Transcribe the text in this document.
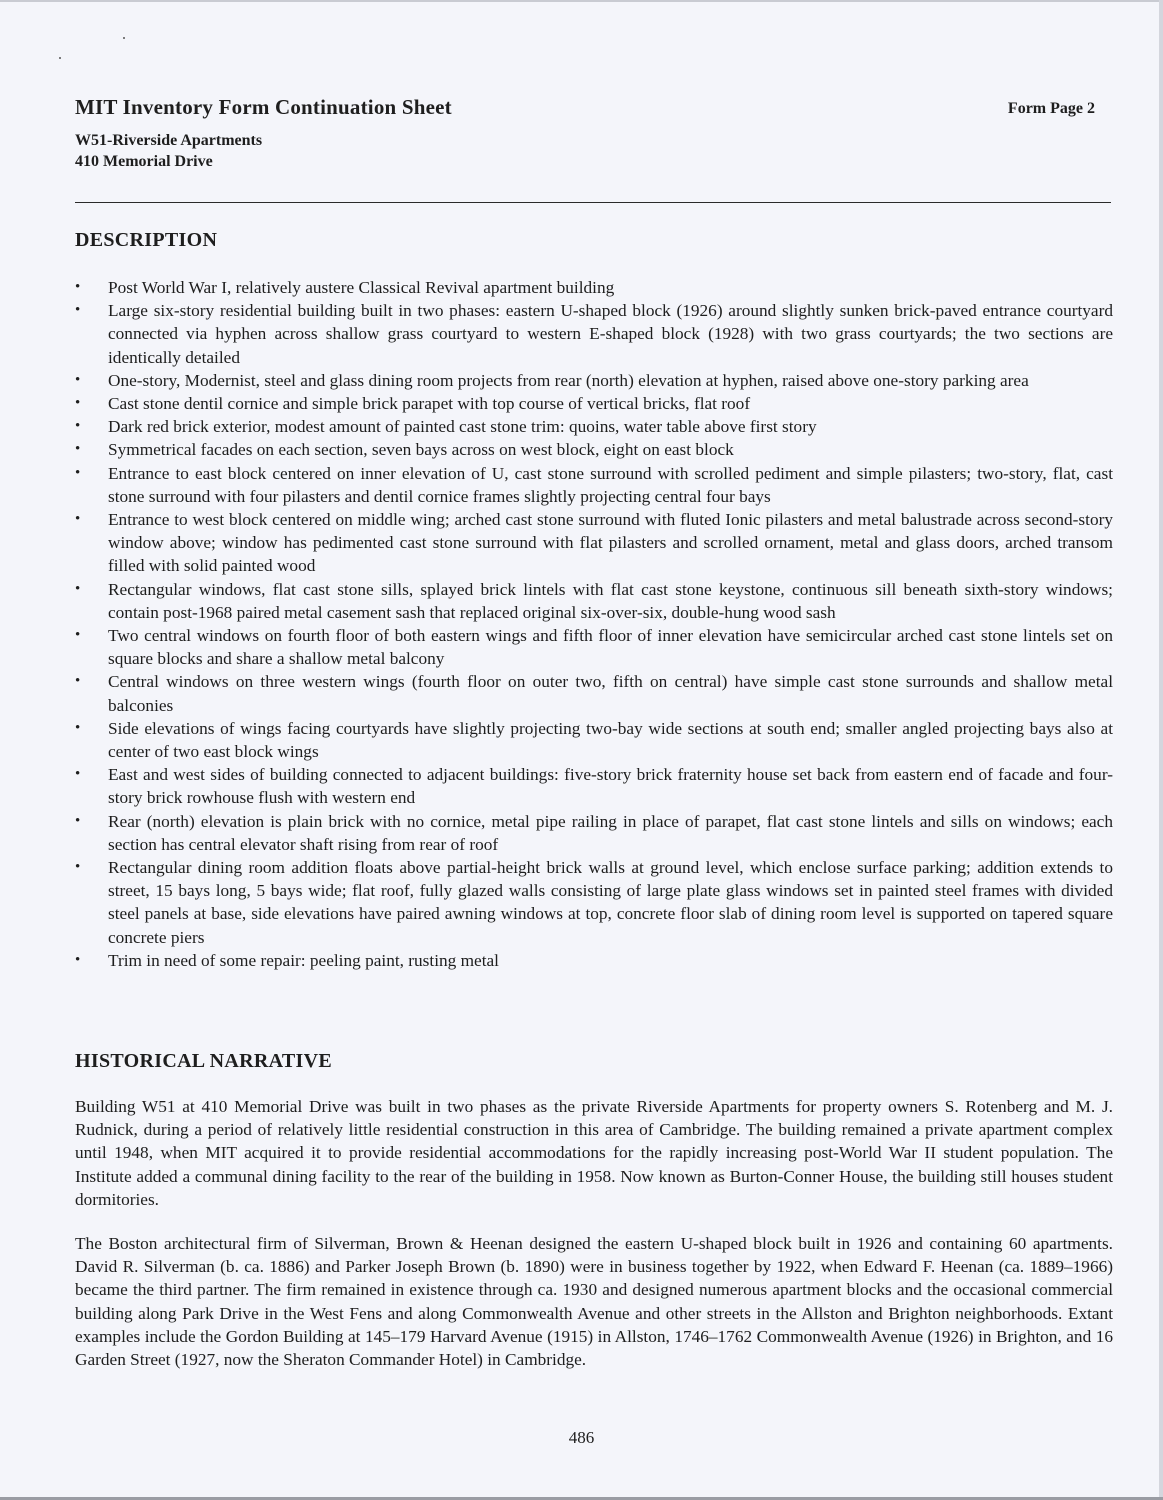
MIT Inventory Form Continuation Sheet	Form Page 2
W51-Riverside Apartments
410 Memorial Drive
DESCRIPTION
• Post World War I, relatively austere Classical Revival apartment building
• Large six-story residential building built in two phases: eastern U-shaped block (1926) around slightly sunken brick-paved entrance courtyard connected via hyphen across shallow grass courtyard to western E-shaped block (1928) with two grass courtyards; the two sections are identically detailed
• One-story, Modernist, steel and glass dining room projects from rear (north) elevation at hyphen, raised above one-story parking area
• Cast stone dentil cornice and simple brick parapet with top course of vertical bricks, flat roof
• Dark red brick exterior, modest amount of painted cast stone trim: quoins, water table above first story
• Symmetrical facades on each section, seven bays across on west block, eight on east block
• Entrance to east block centered on inner elevation of U, cast stone surround with scrolled pediment and simple pilasters; two-story, flat, cast stone surround with four pilasters and dentil cornice frames slightly projecting central four bays
• Entrance to west block centered on middle wing; arched cast stone surround with fluted Ionic pilasters and metal balustrade across second-story window above; window has pedimented cast stone surround with flat pilasters and scrolled ornament, metal and glass doors, arched transom filled with solid painted wood
• Rectangular windows, flat cast stone sills, splayed brick lintels with flat cast stone keystone, continuous sill beneath sixth-story windows; contain post-1968 paired metal casement sash that replaced original six-over-six, double-hung wood sash
• Two central windows on fourth floor of both eastern wings and fifth floor of inner elevation have semicircular arched cast stone lintels set on square blocks and share a shallow metal balcony
• Central windows on three western wings (fourth floor on outer two, fifth on central) have simple cast stone surrounds and shallow metal balconies
• Side elevations of wings facing courtyards have slightly projecting two-bay wide sections at south end; smaller angled projecting bays also at center of two east block wings
• East and west sides of building connected to adjacent buildings: five-story brick fraternity house set back from eastern end of facade and four-story brick rowhouse flush with western end
• Rear (north) elevation is plain brick with no cornice, metal pipe railing in place of parapet, flat cast stone lintels and sills on windows; each section has central elevator shaft rising from rear of roof
• Rectangular dining room addition floats above partial-height brick walls at ground level, which enclose surface parking; addition extends to street, 15 bays long, 5 bays wide; flat roof, fully glazed walls consisting of large plate glass windows set in painted steel frames with divided steel panels at base, side elevations have paired awning windows at top, concrete floor slab of dining room level is supported on tapered square concrete piers
• Trim in need of some repair: peeling paint, rusting metal
HISTORICAL NARRATIVE

Building W51 at 410 Memorial Drive was built in two phases as the private Riverside Apartments for property owners S. Rotenberg and M. J. Rudnick, during a period of relatively little residential construction in this area of Cambridge. The building remained a private apartment complex until 1948, when MIT acquired it to provide residential accommodations for the rapidly increasing post-World War II student population. The Institute added a communal dining facility to the rear of the building in 1958. Now known as Burton-Conner House, the building still houses student dormitories.

The Boston architectural firm of Silverman, Brown & Heenan designed the eastern U-shaped block built in 1926 and containing 60 apartments. David R. Silverman (b. ca. 1886) and Parker Joseph Brown (b. 1890) were in business together by 1922, when Edward F. Heenan (ca. 1889–1966) became the third partner. The firm remained in existence through ca. 1930 and designed numerous apartment blocks and the occasional commercial building along Park Drive in the West Fens and along Commonwealth Avenue and other streets in the Allston and Brighton neighborhoods. Extant examples include the Gordon Building at 145–179 Harvard Avenue (1915) in Allston, 1746–1762 Commonwealth Avenue (1926) in Brighton, and 16 Garden Street (1927, now the Sheraton Commander Hotel) in Cambridge.

486
